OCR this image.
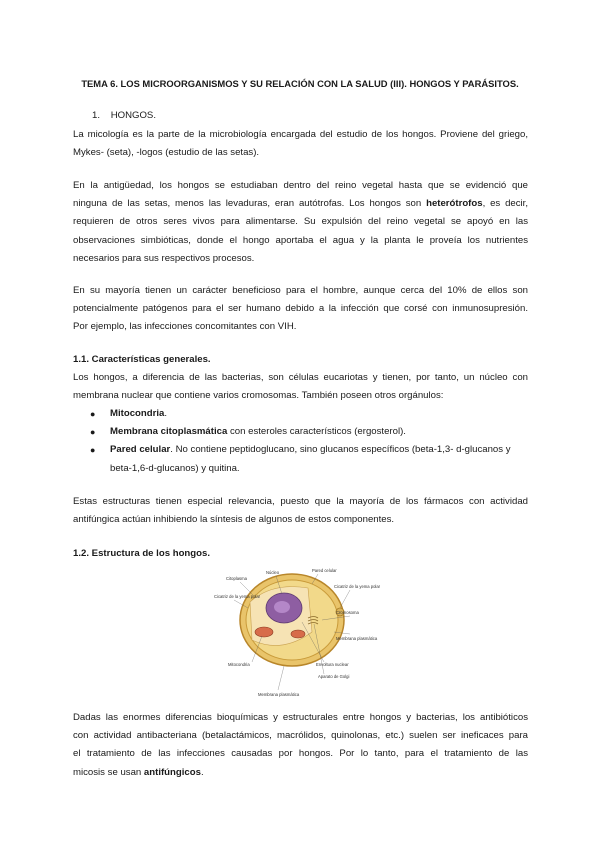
TEMA 6. LOS MICROORGANISMOS Y SU RELACIÓN CON LA SALUD (III). HONGOS Y PARÁSITOS.
1. HONGOS.
La micología es la parte de la microbiología encargada del estudio de los hongos. Proviene del griego,
Mykes- (seta), -logos (estudio de las setas).
En la antigüedad, los hongos se estudiaban dentro del reino vegetal hasta que se evidenció que
ninguna de las setas, menos las levaduras, eran autótrofas. Los hongos son heterótrofos, es decir,
requieren de otros seres vivos para alimentarse. Su expulsión del reino vegetal se apoyó en las
observaciones simbióticas, donde el hongo aportaba el agua y la planta le proveía los nutrientes
necesarios para sus respectivos procesos.
En su mayoría tienen un carácter beneficioso para el hombre, aunque cerca del 10% de ellos son
potencialmente patógenos para el ser humano debido a la infección que corsé con inmunosupresión.
Por ejemplo, las infecciones concomitantes con VIH.
1.1. Características generales.
Los hongos, a diferencia de las bacterias, son células eucariotas y tienen, por tanto, un núcleo con
membrana nuclear que contiene varios cromosomas. También poseen otros orgánulos:
●	Mitocondria.
●	Membrana citoplasmática con esteroles característicos (ergosterol).
●	Pared celular. No contiene peptidoglucano, sino glucanos específicos (beta-1,3- d-glucanos y
beta-1,6-d-glucanos) y quitina.
Estas estructuras tienen especial relevancia, puesto que la mayoría de los fármacos con actividad
antifúngica actúan inhibiendo la síntesis de algunos de estos componentes.
1.2. Estructura de los hongos.
Núcleo	Pared celular
Citoplasma
Cicatriz de la yema polar
Cicatriz de la yema polar
Cromosoma
Membrana plasmática
Mitocondria	Envoltura nuclear
Aparato de Golgi
Membrana plasmática
Dadas las enormes diferencias bioquímicas y estructurales entre hongos y bacterias, los antibióticos
con actividad antibacteriana (betalactámicos, macrólidos, quinolonas, etc.) suelen ser ineficaces para
el tratamiento de las infecciones causadas por hongos. Por lo tanto, para el tratamiento de las
micosis se usan antifúngicos.
